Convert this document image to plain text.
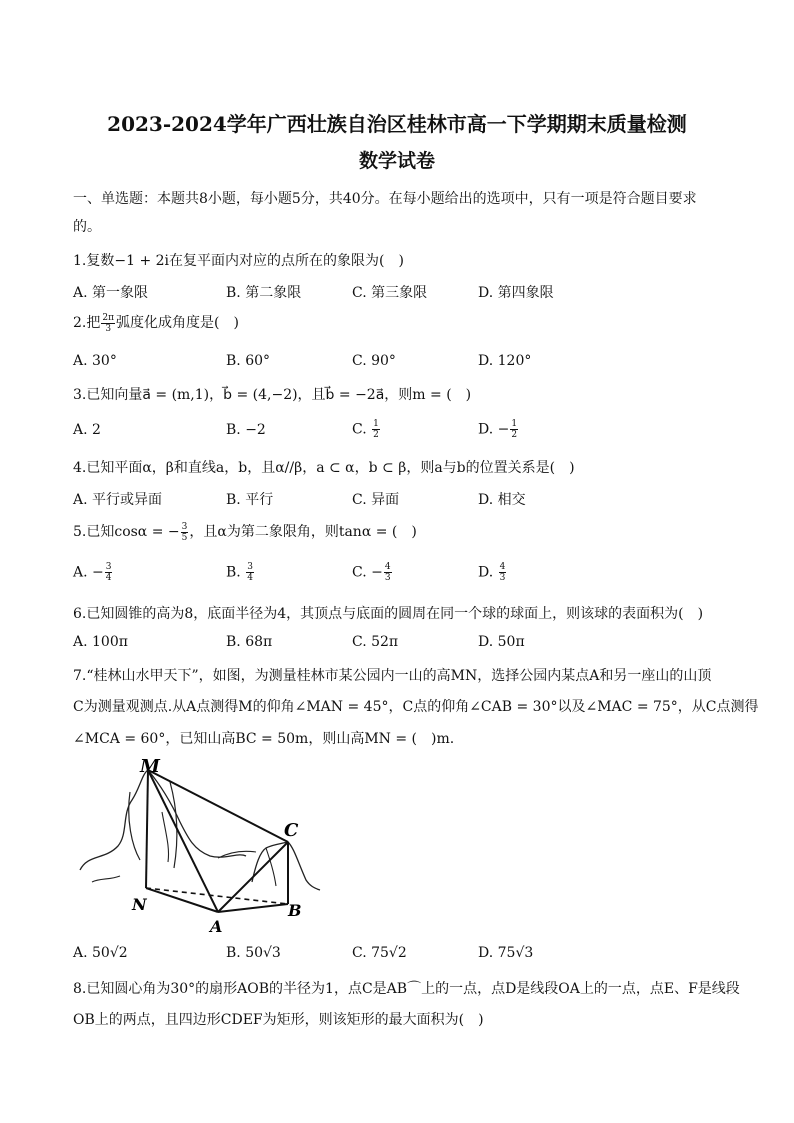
2023-2024学年广西壮族自治区桂林市高一下学期期末质量检测
数学试卷
一、单选题：本题共8小题，每小题5分，共40分。在每小题给出的选项中，只有一项是符合题目要求
的。
1.复数−1 + 2i在复平面内对应的点所在的象限为(　)
A. 第一象限	B. 第二象限	C. 第三象限	D. 第四象限
2.把 $\frac{2\pi}{3}$ 弧度化成角度是(　)
A. 30°	B. 60°	C. 90°	D. 120°
3.已知向量a⃗ = (m,1)，b⃗ = (4,−2)，且b⃗ = −2a⃗，则m = (　)
A. 2	B. −2	C. $\frac{1}{2}$	D. − $\frac{1}{2}$
4.已知平面α，β和直线a，b，且α//β，a ⊂ α，b ⊂ β，则a与b的位置关系是(　)
A. 平行或异面	B. 平行	C. 异面	D. 相交
5.已知cosα = − $\frac{3}{5}$ ，且α为第二象限角，则tanα = (　)
A. − $\frac{3}{4}$	B. $\frac{3}{4}$	C. − $\frac{4}{3}$	D. $\frac{4}{3}$
6.已知圆锥的高为8，底面半径为4，其顶点与底面的圆周在同一个球的球面上，则该球的表面积为(　)
A. 100π	B. 68π	C. 52π	D. 50π
7.“桂林山水甲天下”，如图，为测量桂林市某公园内一山的高MN，选择公园内某点A和另一座山的山顶
C为测量观测点.从A点测得M的仰角∠MAN = 45°，C点的仰角∠CAB = 30°以及∠MAC = 75°，从C点测得
∠MCA = 60°，已知山高BC = 50m，则山高MN = (　)m.
M
N
A
B
C
A. 50√2	B. 50√3	C. 75√2	D. 75√3
8.已知圆心角为30°的扇形AOB的半径为1，点C是AB⌒上的一点，点D是线段OA上的一点，点E、F是线段
OB上的两点，且四边形CDEF为矩形，则该矩形的最大面积为(　)
